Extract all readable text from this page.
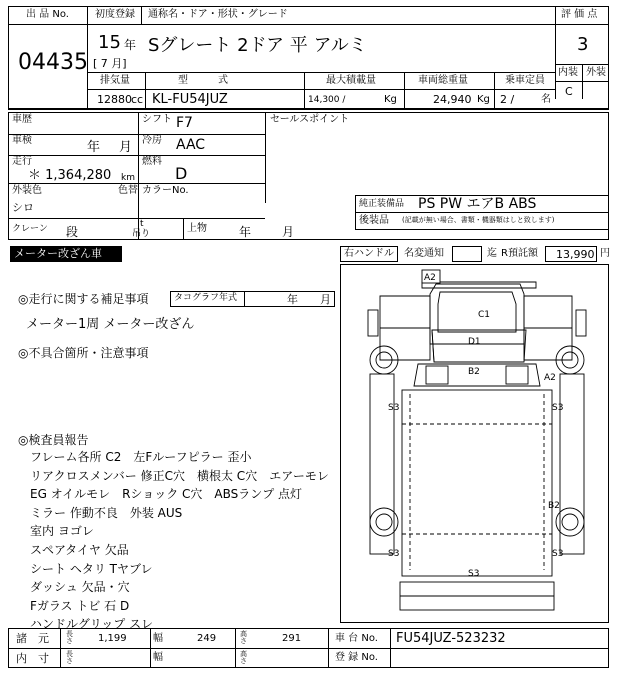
出 品 No.
04435
初度登録
15 年
[ 7 月]
通称名・ドア・形状・グレード
Sグレート 2ドア 平 アルミ
評 価 点
3
内装 外装
C
排気量
12880 cc
型　　　式
KL-FU54JUZ
最大積載量
14,300 /	Kg
車両総重量
24,940 Kg
乗車定員
2 /	名
車歴	シフト F7
車検	年 月 冷房 AAC
走行
＊ 1,364,280 km
燃料
D
外装色	色替 カラーNo.
シロ
クレーン 段
t
吊り	上物	年	月
セールスポイント
純正装備品 PS PW エアB ABS
後装品 (記載が無い場合、書類・機器類はしと致します)
メーター改ざん車	右ハンドル 名変通知	迄 R預託額 13,990 円
◎走行に関する補足事項	タコグラフ年式	年 月
メーター1周 メーター改ざん
◎不具合箇所・注意事項
◎検査員報告
フレーム各所 C2　左Fルーフピラー 歪小
リアクロスメンバー 修正C穴　横根太 C穴　エアーモレ
EG オイルモレ　Rショック C穴　ABSランプ 点灯
ミラー 作動不良　外装 AUS
室内 ヨゴレ
スペアタイヤ 欠品
シート ヘタリ Tヤブレ
ダッシュ 欠品・穴
Fガラス トビ 石 D
ハンドルグリップ スレ
A2
C1
D1
B2
A2
S3	S3
B2
S3	S3
S3
諸　元 長さ	1,199	幅	249	高さ	291	車 台 No. FU54JUZ-523232
内　寸 長さ	幅	高さ	登 録 No.
